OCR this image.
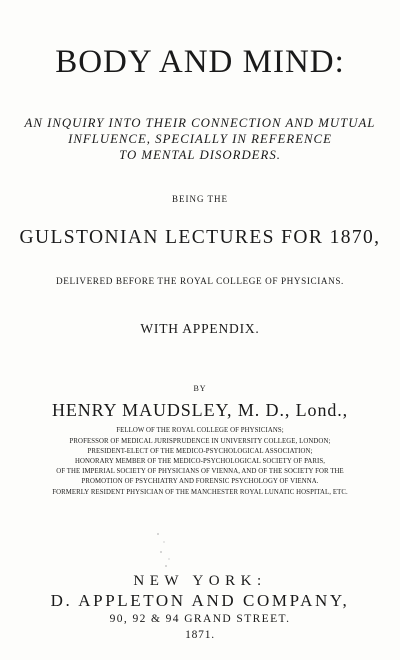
BODY AND MIND:
AN INQUIRY INTO THEIR CONNECTION AND MUTUAL
INFLUENCE, SPECIALLY IN REFERENCE
TO MENTAL DISORDERS.
BEING THE
GULSTONIAN LECTURES FOR 1870,
DELIVERED BEFORE THE ROYAL COLLEGE OF PHYSICIANS.
WITH APPENDIX.
BY
HENRY MAUDSLEY, M. D., Lond.,
FELLOW OF THE ROYAL COLLEGE OF PHYSICIANS;
PROFESSOR OF MEDICAL JURISPRUDENCE IN UNIVERSITY COLLEGE, LONDON;
PRESIDENT-ELECT OF THE MEDICO-PSYCHOLOGICAL ASSOCIATION;
HONORARY MEMBER OF THE MEDICO-PSYCHOLOGICAL SOCIETY OF PARIS,
OF THE IMPERIAL SOCIETY OF PHYSICIANS OF VIENNA, AND OF THE SOCIETY FOR THE
PROMOTION OF PSYCHIATRY AND FORENSIC PSYCHOLOGY OF VIENNA.
FORMERLY RESIDENT PHYSICIAN OF THE MANCHESTER ROYAL LUNATIC HOSPITAL, ETC.
NEW YORK:
D. APPLETON AND COMPANY,
90, 92 & 94 GRAND STREET.
1871.
